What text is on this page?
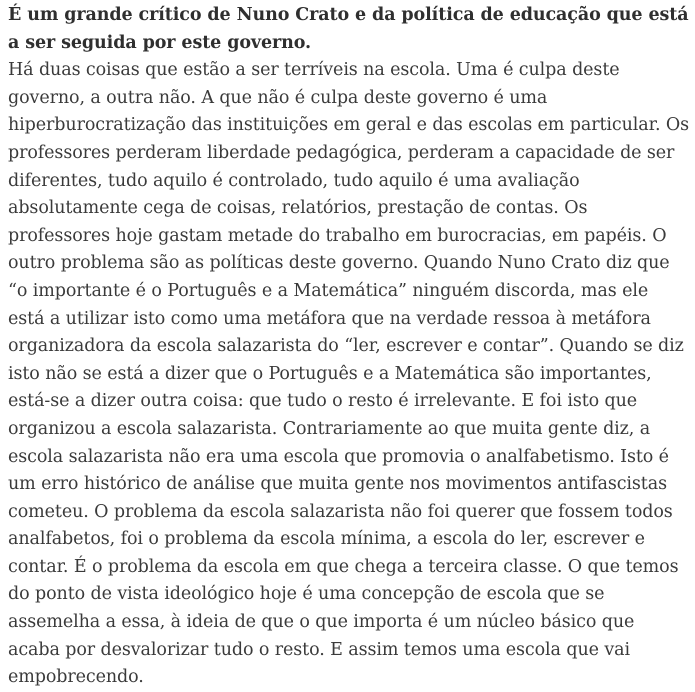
É um grande crítico de Nuno Crato e da política de educação que está a ser seguida por este governo.

Há duas coisas que estão a ser terríveis na escola. Uma é culpa deste governo, a outra não. A que não é culpa deste governo é uma hiperburocratização das instituições em geral e das escolas em particular. Os professores perderam liberdade pedagógica, perderam a capacidade de ser diferentes, tudo aquilo é controlado, tudo aquilo é uma avaliação absolutamente cega de coisas, relatórios, prestação de contas. Os professores hoje gastam metade do trabalho em burocracias, em papéis. O outro problema são as políticas deste governo. Quando Nuno Crato diz que “o importante é o Português e a Matemática” ninguém discorda, mas ele está a utilizar isto como uma metáfora que na verdade ressoa à metáfora organizadora da escola salazarista do “ler, escrever e contar”. Quando se diz isto não se está a dizer que o Português e a Matemática são importantes, está-se a dizer outra coisa: que tudo o resto é irrelevante. E foi isto que organizou a escola salazarista. Contrariamente ao que muita gente diz, a escola salazarista não era uma escola que promovia o analfabetismo. Isto é um erro histórico de análise que muita gente nos movimentos antifascistas cometeu. O problema da escola salazarista não foi querer que fossem todos analfabetos, foi o problema da escola mínima, a escola do ler, escrever e contar. É o problema da escola em que chega a terceira classe. O que temos do ponto de vista ideológico hoje é uma concepção de escola que se assemelha a essa, à ideia de que o que importa é um núcleo básico que acaba por desvalorizar tudo o resto. E assim temos uma escola que vai empobrecendo.
